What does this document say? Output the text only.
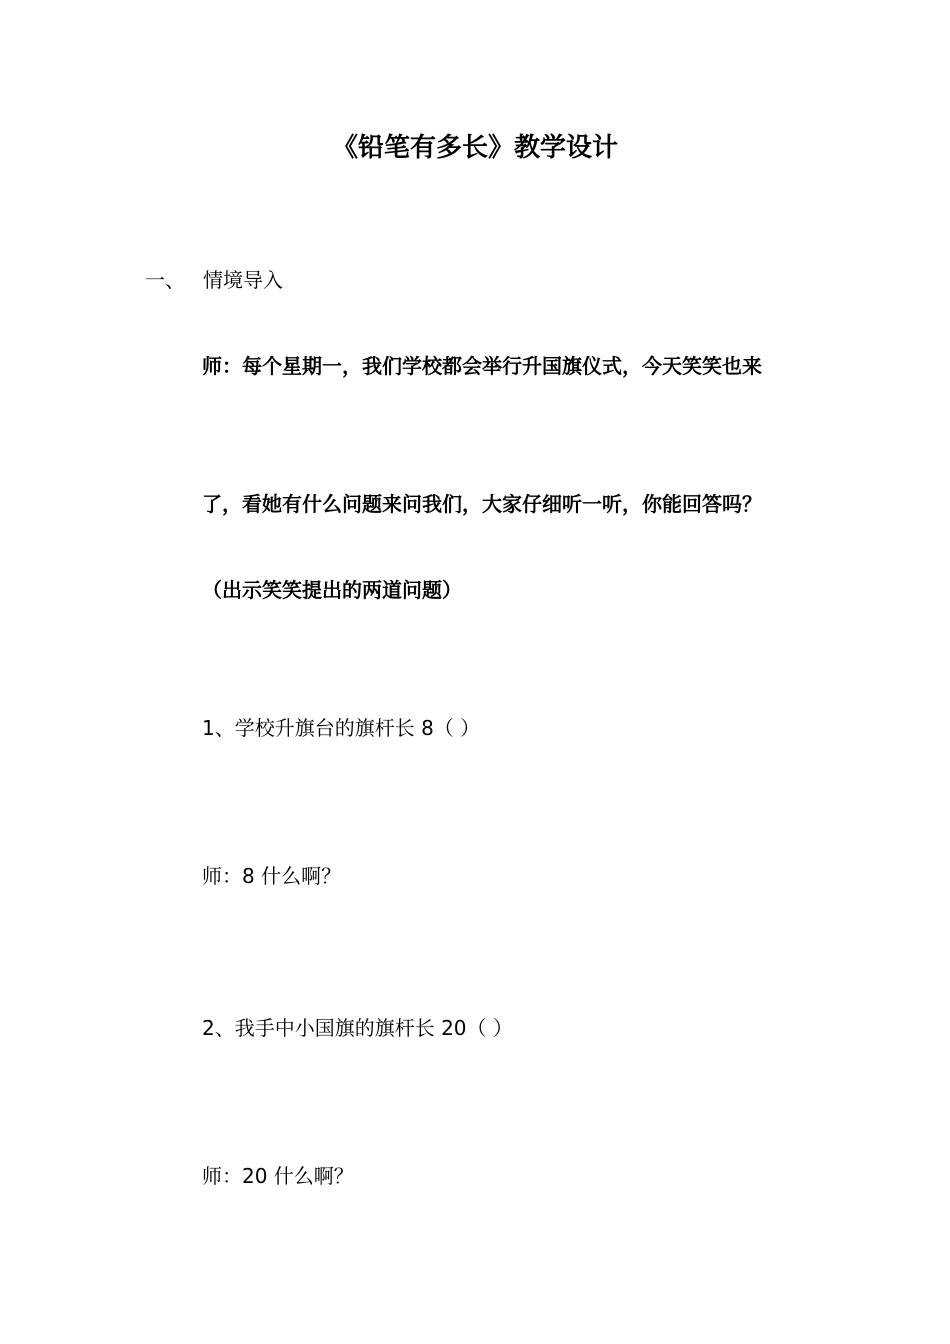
《铅笔有多长》教学设计
一、 情境导入
师：每个星期一，我们学校都会举行升国旗仪式，今天笑笑也来
了，看她有什么问题来问我们，大家仔细听一听，你能回答吗？
（出示笑笑提出的两道问题）
1、学校升旗台的旗杆长 8（ ）
师：8 什么啊？
2、我手中小国旗的旗杆长 20（ ）
师：20 什么啊？
